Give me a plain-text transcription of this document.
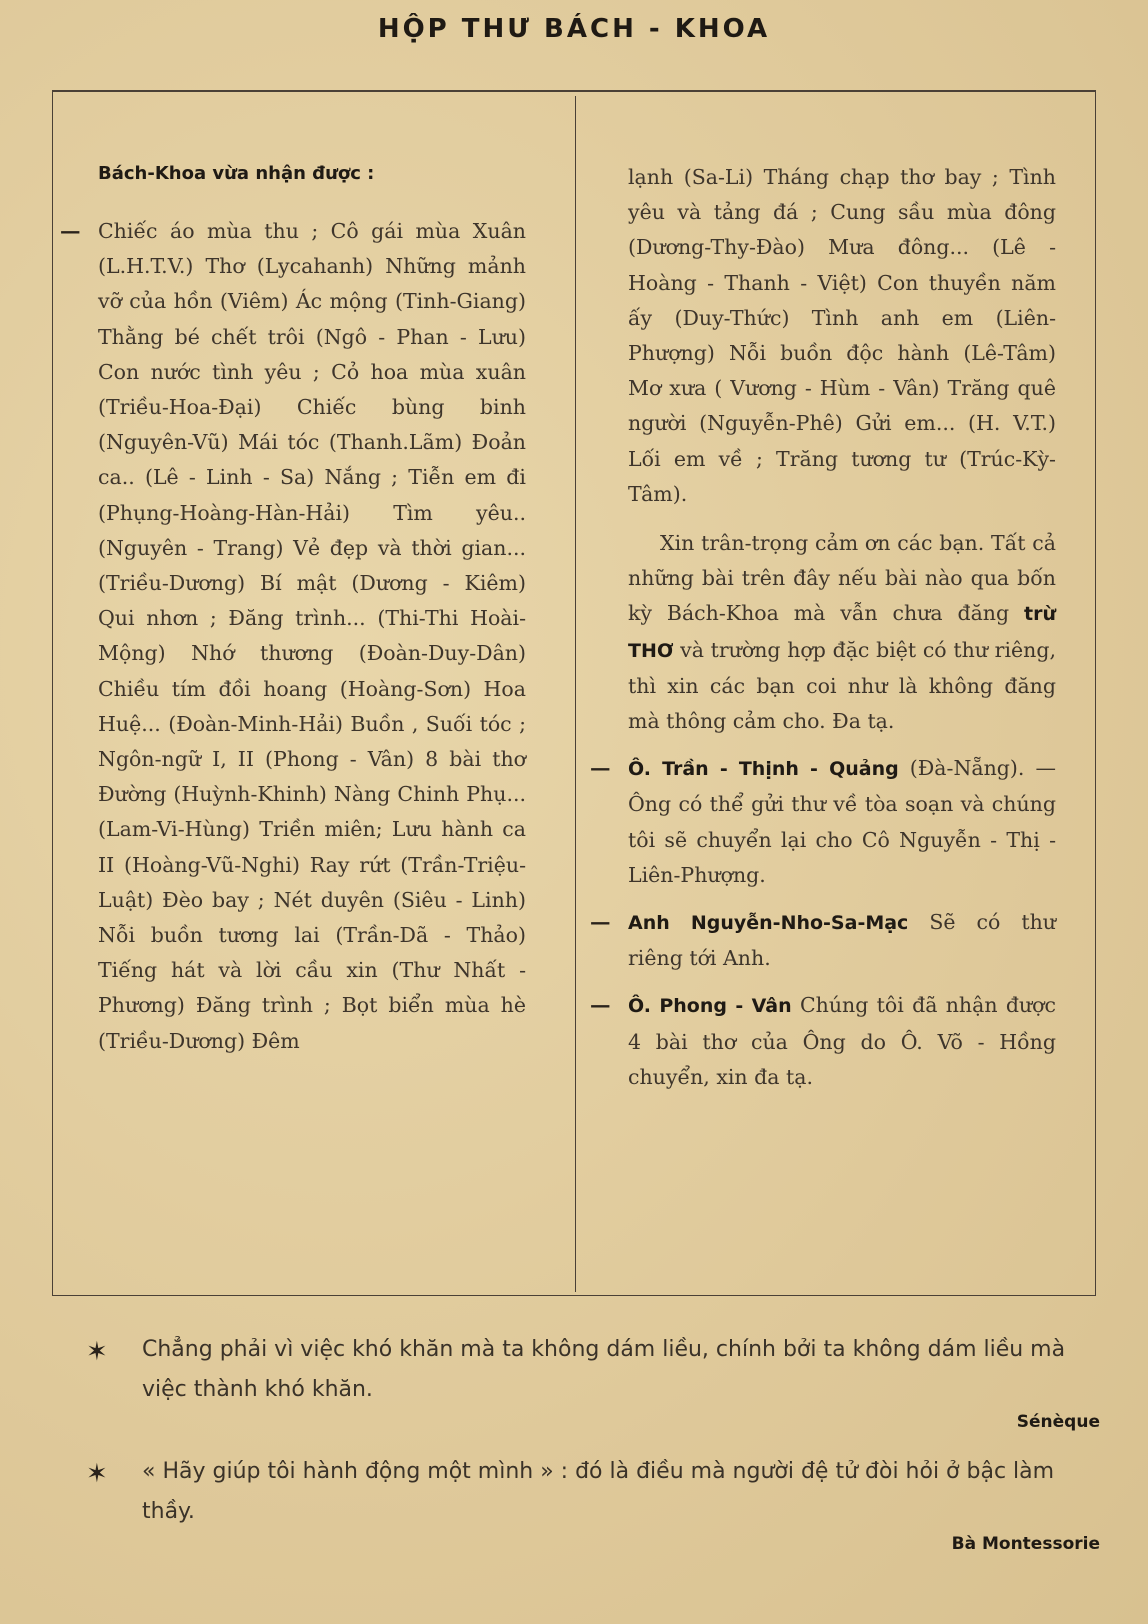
HỘP THƯ BÁCH - KHOA

Bách-Khoa vừa nhận được :

— Chiếc áo mùa thu ; Cô gái mùa Xuân (L.H.T.V.) Thơ (Lycahanh) Những mảnh vỡ của hồn (Viêm) Ác mộng (Tinh-Giang) Thằng bé chết trôi (Ngô - Phan - Lưu) Con nước tình yêu ; Cỏ hoa mùa xuân (Triều-Hoa-Đại) Chiếc bùng binh (Nguyên-Vũ) Mái tóc (Thanh.Lãm) Đoản ca.. (Lê - Linh - Sa) Nắng ; Tiễn em đi (Phụng-Hoàng-Hàn-Hải) Tìm yêu.. (Nguyên - Trang) Vẻ đẹp và thời gian... (Triều-Dương) Bí mật (Dương - Kiêm) Qui nhơn ; Đăng trình... (Thi-Thi Hoài-Mộng) Nhớ thương (Đoàn-Duy-Dân) Chiều tím đồi hoang (Hoàng-Sơn) Hoa Huệ... (Đoàn-Minh-Hải) Buồn , Suối tóc ; Ngôn-ngữ I, II (Phong - Vân) 8 bài thơ Đường (Huỳnh-Khinh) Nàng Chinh Phụ... (Lam-Vi-Hùng) Triền miên; Lưu hành ca II (Hoàng-Vũ-Nghi) Ray rứt (Trần-Triệu-Luật) Đèo bay ; Nét duyên (Siêu - Linh) Nỗi buồn tương lai (Trần-Dã - Thảo) Tiếng hát và lời cầu xin (Thư Nhất - Phương) Đăng trình ; Bọt biển mùa hè (Triều-Dương) Đêm

lạnh (Sa-Li) Tháng chạp thơ bay ; Tình yêu và tảng đá ; Cung sầu mùa đông (Dương-Thy-Đào) Mưa đông... (Lê - Hoàng - Thanh - Việt) Con thuyền năm ấy (Duy-Thức) Tình anh em (Liên-Phượng) Nỗi buồn độc hành (Lê-Tâm) Mơ xưa ( Vương - Hùm - Vân) Trăng quê người (Nguyễn-Phê) Gửi em... (H. V.T.) Lối em về ; Trăng tương tư (Trúc-Kỳ-Tâm).

Xin trân-trọng cảm ơn các bạn. Tất cả những bài trên đây nếu bài nào qua bốn kỳ Bách-Khoa mà vẫn chưa đăng trừ THƠ và trường hợp đặc biệt có thư riêng, thì xin các bạn coi như là không đăng mà thông cảm cho. Đa tạ.

— Ô. Trần - Thịnh - Quảng (Đà-Nẵng). — Ông có thể gửi thư về tòa soạn và chúng tôi sẽ chuyển lại cho Cô Nguyễn - Thị - Liên-Phượng.

— Anh Nguyễn-Nho-Sa-Mạc Sẽ có thư riêng tới Anh.

— Ô. Phong - Vân Chúng tôi đã nhận được 4 bài thơ của Ông do Ô. Võ - Hồng chuyển, xin đa tạ.

✶ Chẳng phải vì việc khó khăn mà ta không dám liều, chính bởi ta không dám liều mà việc thành khó khăn.
Sénèque
✶ « Hãy giúp tôi hành động một mình » : đó là điều mà người đệ tử đòi hỏi ở bậc làm thầy.
Bà Montessorie
